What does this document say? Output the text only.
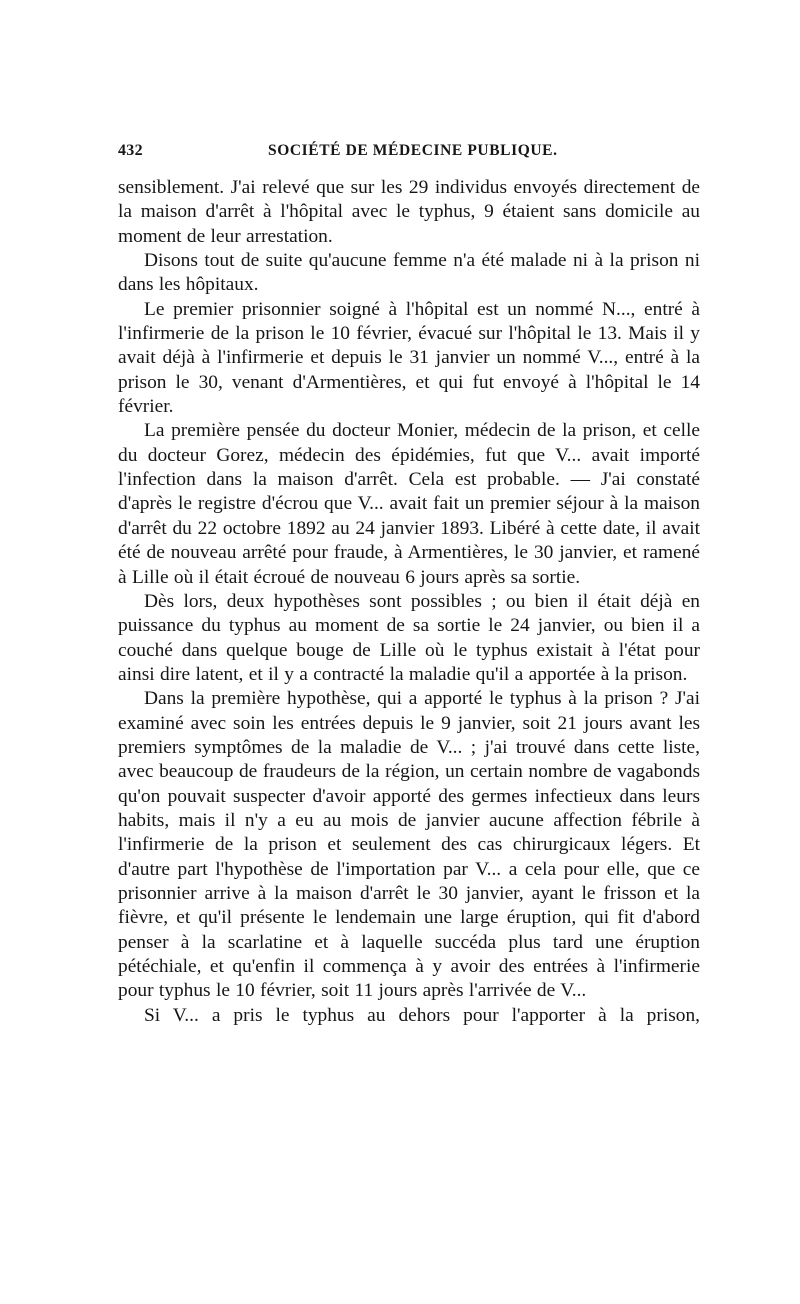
432	SOCIÉTÉ DE MÉDECINE PUBLIQUE.

sensiblement. J'ai relevé que sur les 29 individus envoyés directement de la maison d'arrêt à l'hôpital avec le typhus, 9 étaient sans domicile au moment de leur arrestation.

Disons tout de suite qu'aucune femme n'a été malade ni à la prison ni dans les hôpitaux.

Le premier prisonnier soigné à l'hôpital est un nommé N..., entré à l'infirmerie de la prison le 10 février, évacué sur l'hôpital le 13. Mais il y avait déjà à l'infirmerie et depuis le 31 janvier un nommé V..., entré à la prison le 30, venant d'Armentières, et qui fut envoyé à l'hôpital le 14 février.

La première pensée du docteur Monier, médecin de la prison, et celle du docteur Gorez, médecin des épidémies, fut que V... avait importé l'infection dans la maison d'arrêt. Cela est probable. — J'ai constaté d'après le registre d'écrou que V... avait fait un premier séjour à la maison d'arrêt du 22 octobre 1892 au 24 janvier 1893. Libéré à cette date, il avait été de nouveau arrêté pour fraude, à Armentières, le 30 janvier, et ramené à Lille où il était écroué de nouveau 6 jours après sa sortie.

Dès lors, deux hypothèses sont possibles ; ou bien il était déjà en puissance du typhus au moment de sa sortie le 24 janvier, ou bien il a couché dans quelque bouge de Lille où le typhus existait à l'état pour ainsi dire latent, et il y a contracté la maladie qu'il a apportée à la prison.

Dans la première hypothèse, qui a apporté le typhus à la prison ? J'ai examiné avec soin les entrées depuis le 9 janvier, soit 21 jours avant les premiers symptômes de la maladie de V... ; j'ai trouvé dans cette liste, avec beaucoup de fraudeurs de la région, un certain nombre de vagabonds qu'on pouvait suspecter d'avoir apporté des germes infectieux dans leurs habits, mais il n'y a eu au mois de janvier aucune affection fébrile à l'infirmerie de la prison et seulement des cas chirurgicaux légers. Et d'autre part l'hypothèse de l'importation par V... a cela pour elle, que ce prisonnier arrive à la maison d'arrêt le 30 janvier, ayant le frisson et la fièvre, et qu'il présente le lendemain une large éruption, qui fit d'abord penser à la scarlatine et à laquelle succéda plus tard une éruption pétéchiale, et qu'enfin il commença à y avoir des entrées à l'infirmerie pour typhus le 10 février, soit 11 jours après l'arrivée de V...

Si V... a pris le typhus au dehors pour l'apporter à la prison,
